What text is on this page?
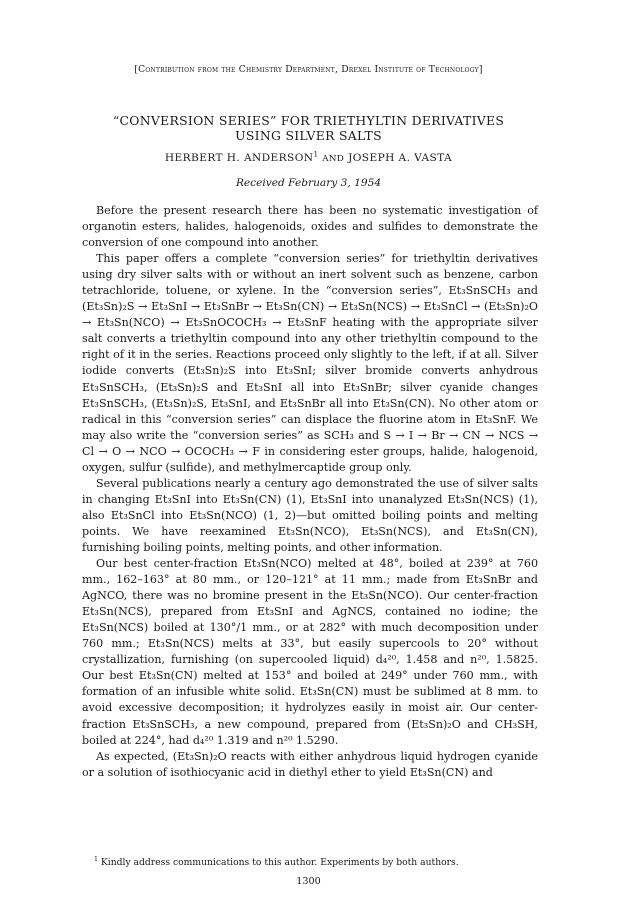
[Contribution from the Chemistry Department, Drexel Institute of Technology]
“CONVERSION SERIES” FOR TRIETHYLTIN DERIVATIVES
USING SILVER SALTS
HERBERT H. ANDERSON$^1$ AND JOSEPH A. VASTA
Received February 3, 1954

Before the present research there has been no systematic investigation of organotin esters, halides, halogenoids, oxides and sulfides to demonstrate the conversion of one compound into another.

This paper offers a complete “conversion series” for triethyltin derivatives using dry silver salts with or without an inert solvent such as benzene, carbon tetrachloride, toluene, or xylene. In the “conversion series”, Et₃SnSCH₃ and (Et₃Sn)₂S → Et₃SnI → Et₃SnBr → Et₃Sn(CN) → Et₃Sn(NCS) → Et₃SnCl → (Et₃Sn)₂O → Et₃Sn(NCO) → Et₃SnOCOCH₃ → Et₃SnF heating with the appropriate silver salt converts a triethyltin compound into any other triethyltin compound to the right of it in the series. Reactions proceed only slightly to the left, if at all. Silver iodide converts (Et₃Sn)₂S into Et₃SnI; silver bromide converts anhydrous Et₃SnSCH₃, (Et₃Sn)₂S and Et₃SnI all into Et₃SnBr; silver cyanide changes Et₃SnSCH₃, (Et₃Sn)₂S, Et₃SnI, and Et₃SnBr all into Et₃Sn(CN). No other atom or radical in this “conversion series” can displace the fluorine atom in Et₃SnF. We may also write the “conversion series” as SCH₃ and S → I → Br → CN → NCS → Cl → O → NCO → OCOCH₃ → F in considering ester groups, halide, halogenoid, oxygen, sulfur (sulfide), and methylmercaptide group only.

Several publications nearly a century ago demonstrated the use of silver salts in changing Et₃SnI into Et₃Sn(CN) (1), Et₃SnI into unanalyzed Et₃Sn(NCS) (1), also Et₃SnCl into Et₃Sn(NCO) (1, 2)—but omitted boiling points and melting points. We have reexamined Et₃Sn(NCO), Et₃Sn(NCS), and Et₃Sn(CN), furnishing boiling points, melting points, and other information.

Our best center-fraction Et₃Sn(NCO) melted at 48°, boiled at 239° at 760 mm., 162–163° at 80 mm., or 120–121° at 11 mm.; made from Et₃SnBr and AgNCO, there was no bromine present in the Et₃Sn(NCO). Our center-fraction Et₃Sn(NCS), prepared from Et₃SnI and AgNCS, contained no iodine; the Et₃Sn(NCS) boiled at 130°/1 mm., or at 282° with much decomposition under 760 mm.; Et₃Sn(NCS) melts at 33°, but easily supercools to 20° without crystallization, furnishing (on supercooled liquid) d₄²⁰, 1.458 and n²⁰, 1.5825. Our best Et₃Sn(CN) melted at 153° and boiled at 249° under 760 mm., with formation of an infusible white solid. Et₃Sn(CN) must be sublimed at 8 mm. to avoid excessive decomposition; it hydrolyzes easily in moist air. Our center-fraction Et₃SnSCH₃, a new compound, prepared from (Et₃Sn)₂O and CH₃SH, boiled at 224°, had d₄²⁰ 1.319 and n²⁰ 1.5290.

As expected, (Et₃Sn)₂O reacts with either anhydrous liquid hydrogen cyanide or a solution of isothiocyanic acid in diethyl ether to yield Et₃Sn(CN) and

$^1$ Kindly address communications to this author. Experiments by both authors.
1300
